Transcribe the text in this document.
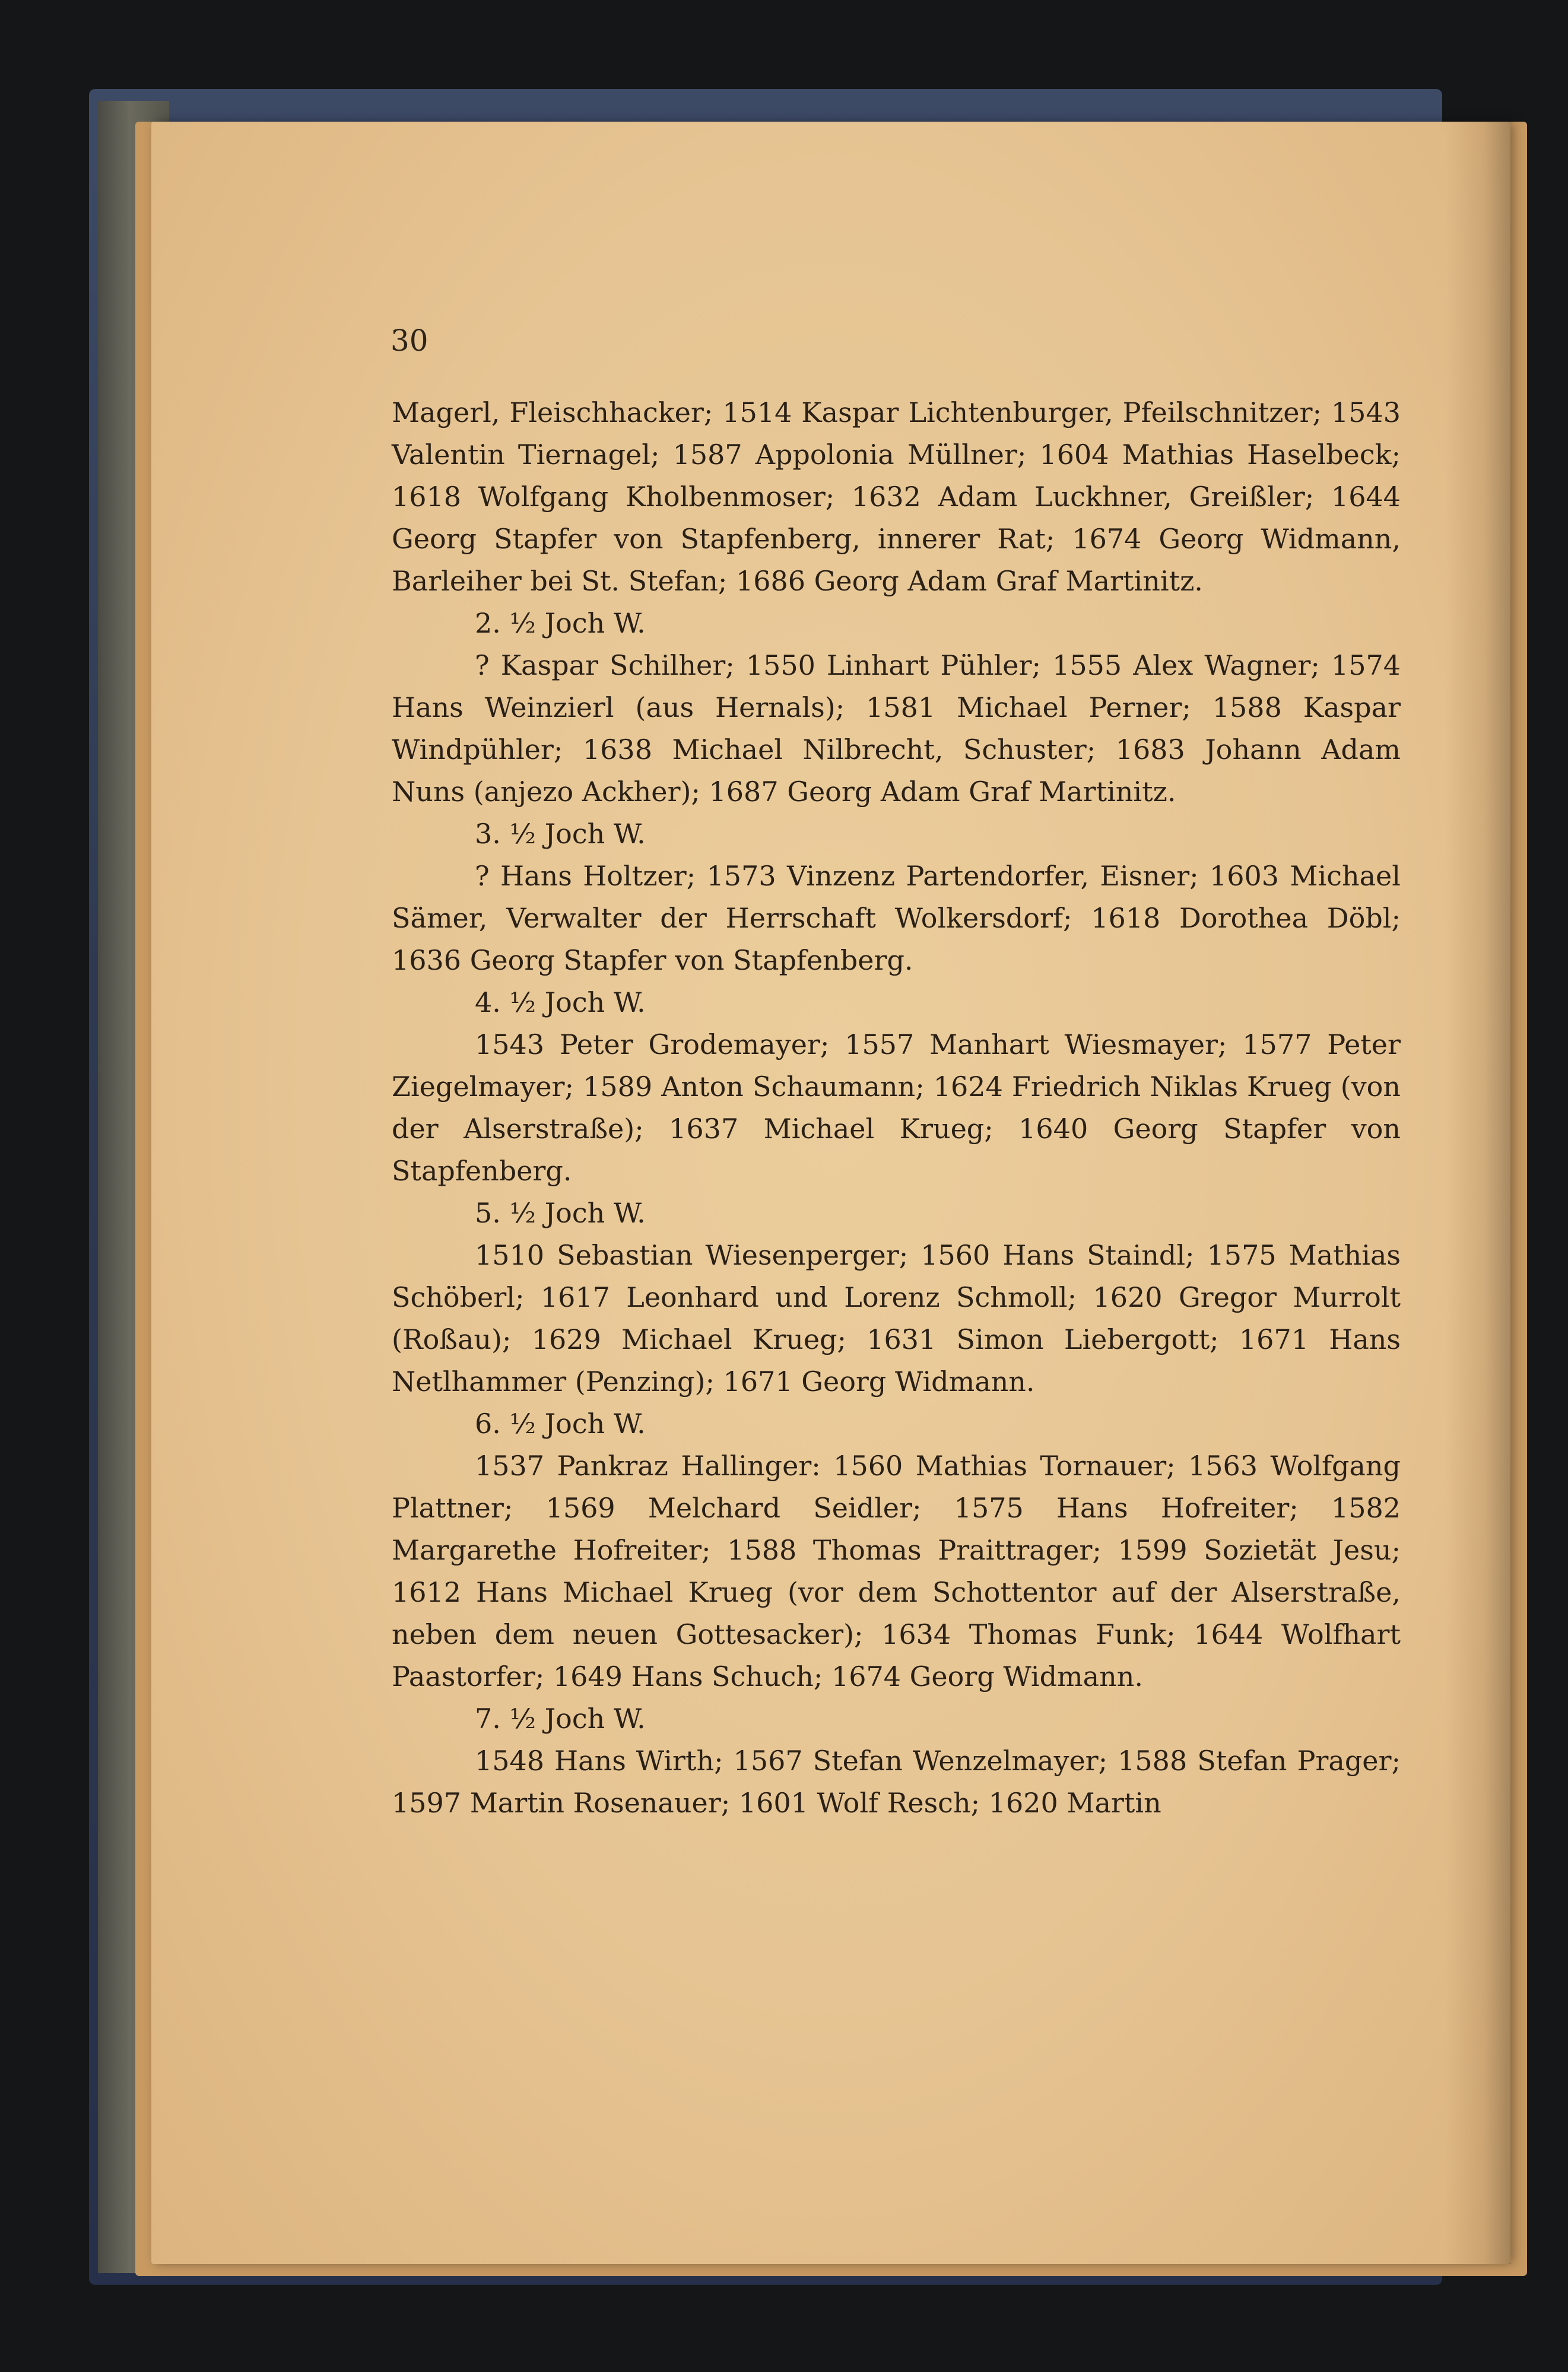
30

Magerl, Fleischhacker; 1514 Kaspar Lichtenburger, Pfeilschnitzer; 1543 Valentin Tiernagel; 1587 Appolonia Müllner; 1604 Mathias Haselbeck; 1618 Wolfgang Kholbenmoser; 1632 Adam Luckhner, Greißler; 1644 Georg Stapfer von Stapfenberg, innerer Rat; 1674 Georg Widmann, Barleiher bei St. Stefan; 1686 Georg Adam Graf Martinitz.

2. ½ Joch W.

? Kaspar Schilher; 1550 Linhart Pühler; 1555 Alex Wagner; 1574 Hans Weinzierl (aus Hernals); 1581 Michael Perner; 1588 Kaspar Windpühler; 1638 Michael Nilbrecht, Schuster; 1683 Johann Adam Nuns (anjezo Ackher); 1687 Georg Adam Graf Martinitz.

3. ½ Joch W.

? Hans Holtzer; 1573 Vinzenz Partendorfer, Eisner; 1603 Michael Sämer, Verwalter der Herrschaft Wolkersdorf; 1618 Dorothea Döbl; 1636 Georg Stapfer von Stapfenberg.

4. ½ Joch W.

1543 Peter Grodemayer; 1557 Manhart Wiesmayer; 1577 Peter Ziegelmayer; 1589 Anton Schaumann; 1624 Friedrich Niklas Krueg (von der Alserstraße); 1637 Michael Krueg; 1640 Georg Stapfer von Stapfenberg.

5. ½ Joch W.

1510 Sebastian Wiesenperger; 1560 Hans Staindl; 1575 Mathias Schöberl; 1617 Leonhard und Lorenz Schmoll; 1620 Gregor Murrolt (Roßau); 1629 Michael Krueg; 1631 Simon Liebergott; 1671 Hans Netlhammer (Penzing); 1671 Georg Widmann.

6. ½ Joch W.

1537 Pankraz Hallinger: 1560 Mathias Tornauer; 1563 Wolfgang Plattner; 1569 Melchard Seidler; 1575 Hans Hofreiter; 1582 Margarethe Hofreiter; 1588 Thomas Praittrager; 1599 Sozietät Jesu; 1612 Hans Michael Krueg (vor dem Schottentor auf der Alserstraße, neben dem neuen Gottesacker); 1634 Thomas Funk; 1644 Wolfhart Paastorfer; 1649 Hans Schuch; 1674 Georg Widmann.

7. ½ Joch W.

1548 Hans Wirth; 1567 Stefan Wenzelmayer; 1588 Stefan Prager; 1597 Martin Rosenauer; 1601 Wolf Resch; 1620 Martin
